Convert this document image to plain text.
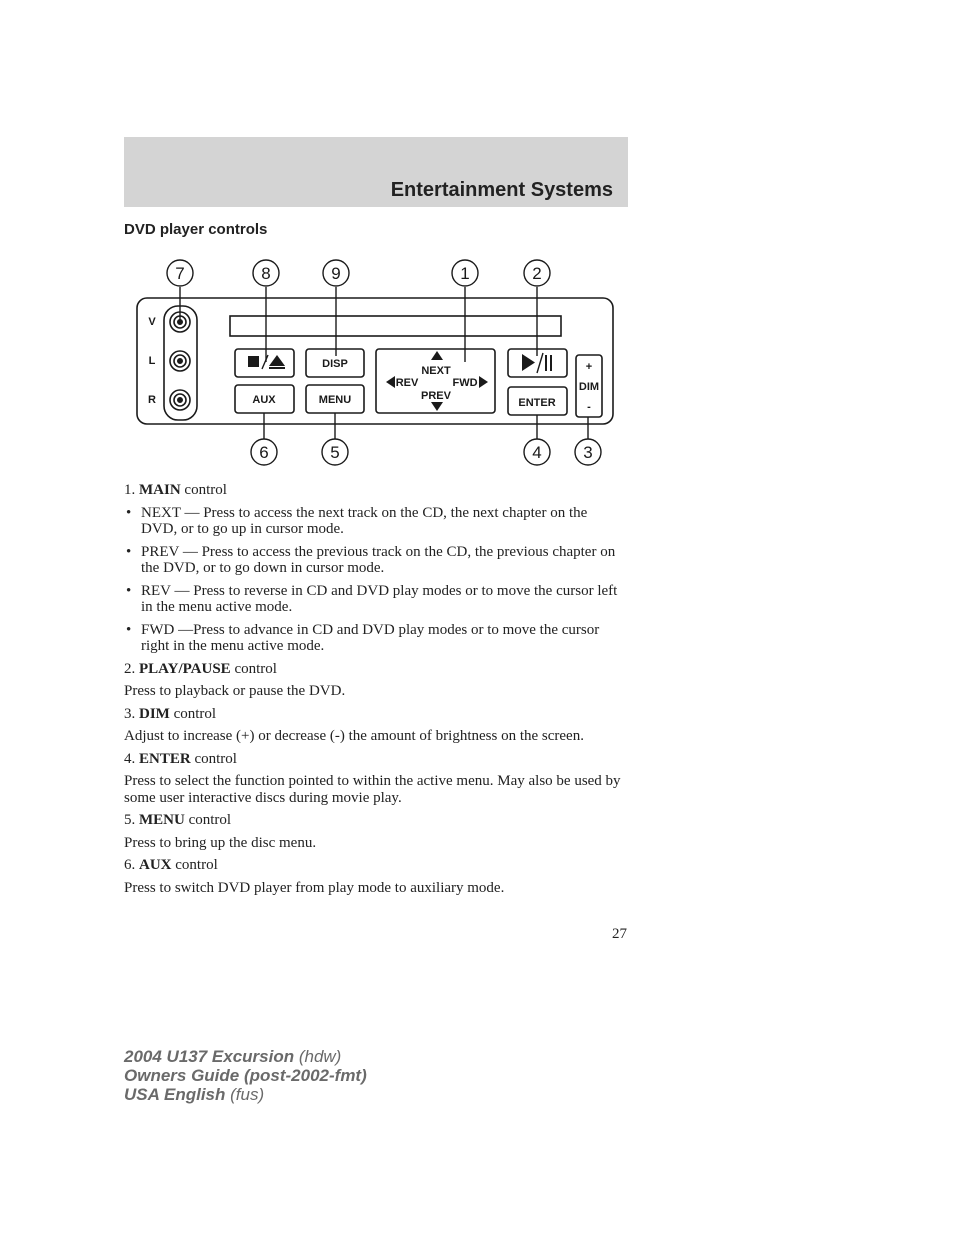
Entertainment Systems
DVD player controls
V
L
R
DISP
AUX	MENU	ENTER
NEXT
PREV
REV	FWD
+
DIM
-
7	8	9	1	2
6	5	4 3

1. MAIN control

• NEXT — Press to access the next track on the CD, the next chapter on the DVD, or to go up in cursor mode.
• PREV — Press to access the previous track on the CD, the previous chapter on the DVD, or to go down in cursor mode.
• REV — Press to reverse in CD and DVD play modes or to move the cursor left in the menu active mode.
• FWD —Press to advance in CD and DVD play modes or to move the cursor right in the menu active mode.

2. PLAY/PAUSE control

Press to playback or pause the DVD.

3. DIM control

Adjust to increase (+) or decrease (-) the amount of brightness on the screen.

4. ENTER control

Press to select the function pointed to within the active menu. May also be used by some user interactive discs during movie play.

5. MENU control

Press to bring up the disc menu.

6. AUX control

Press to switch DVD player from play mode to auxiliary mode.

27
2004 U137 Excursion (hdw)
Owners Guide (post-2002-fmt)
USA English (fus)
